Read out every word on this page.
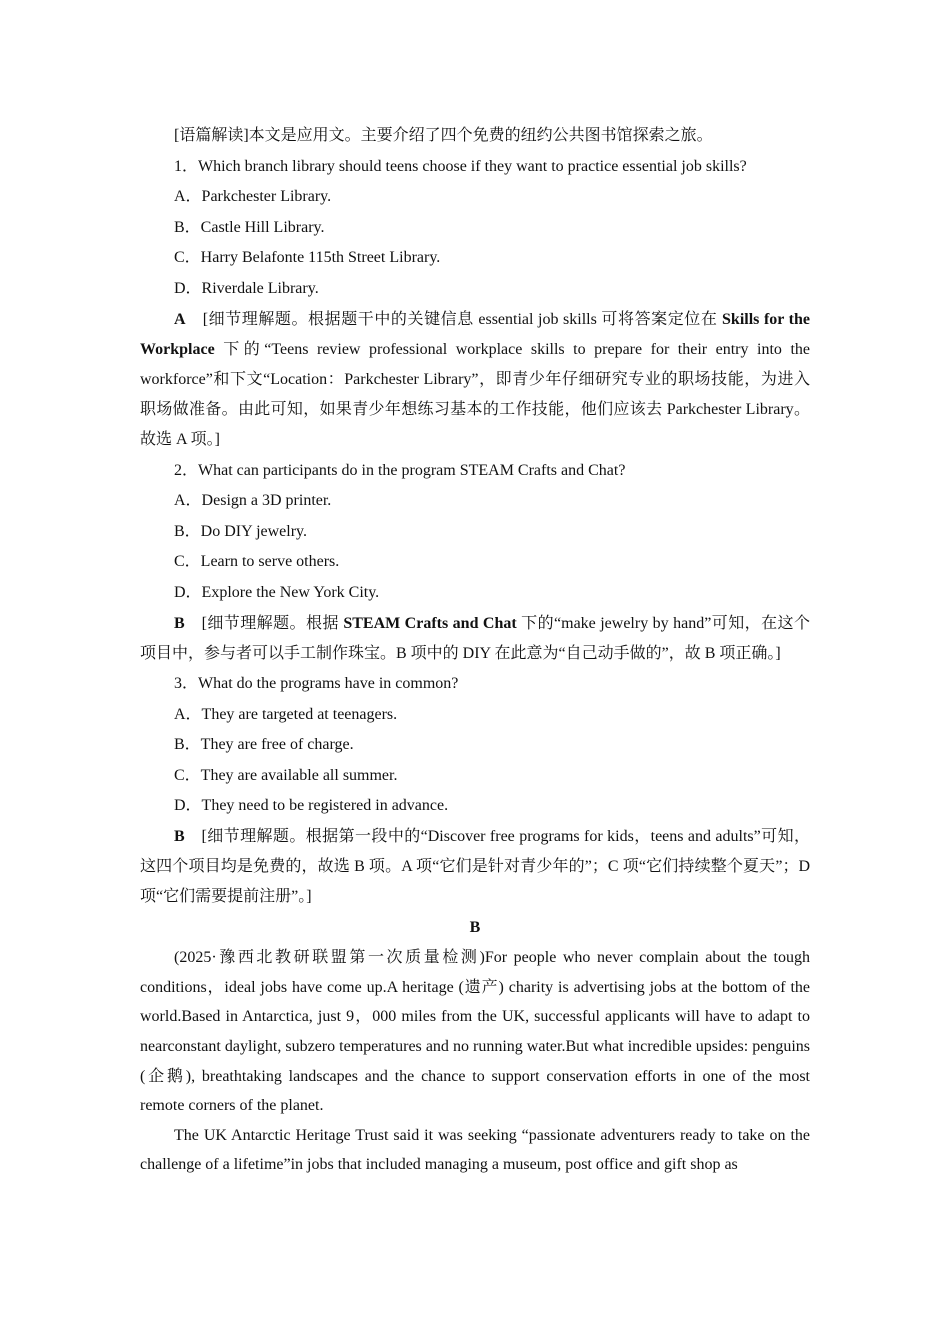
[语篇解读]本文是应用文。主要介绍了四个免费的纽约公共图书馆探索之旅。

1．Which branch library should teens choose if they want to practice essential job skills?

A．Parkchester Library.

B．Castle Hill Library.

C．Harry Belafonte 115th Street Library.

D．Riverdale Library.

A　 [细节理解题。根据题干中的关键信息 essential job skills 可将答案定位在 Skills for the Workplace 下的“Teens review professional workplace skills to prepare for their entry into the workforce”和下文“Location：Parkchester Library”，即青少年仔细研究专业的职场技能，为进入职场做准备。由此可知，如果青少年想练习基本的工作技能，他们应该去 Parkchester Library。故选 A 项。]

2．What can participants do in the program STEAM Crafts and Chat?

A．Design a 3D printer.

B．Do DIY jewelry.

C．Learn to serve others.

D．Explore the New York City.

B　 [细节理解题。根据 STEAM Crafts and Chat 下的“make jewelry by hand”可知，在这个项目中，参与者可以手工制作珠宝。B 项中的 DIY 在此意为“自己动手做的”，故 B 项正确。]

3．What do the programs have in common?

A．They are targeted at teenagers.

B．They are free of charge.

C．They are available all summer.

D．They need to be registered in advance.

B　 [细节理解题。根据第一段中的“Discover free programs for kids，teens and adults”可知，这四个项目均是免费的，故选 B 项。A 项“它们是针对青少年的”；C 项“它们持续整个夏天”；D 项“它们需要提前注册”。]

B

(2025·豫西北教研联盟第一次质量检测)For people who never complain about the tough conditions，ideal jobs have come up.A heritage (遗产) charity is advertising jobs at the bottom of the world.Based in Antarctica, just 9，000 miles from the UK, successful applicants will have to adapt to nearconstant daylight, subzero temperatures and no running water.But what incredible upsides: penguins (企鹅), breathtaking landscapes and the chance to support conservation efforts in one of the most remote corners of the planet.

The UK Antarctic Heritage Trust said it was seeking “passionate adventurers ready to take on the challenge of a lifetime”in jobs that included managing a museum, post office and gift shop as
